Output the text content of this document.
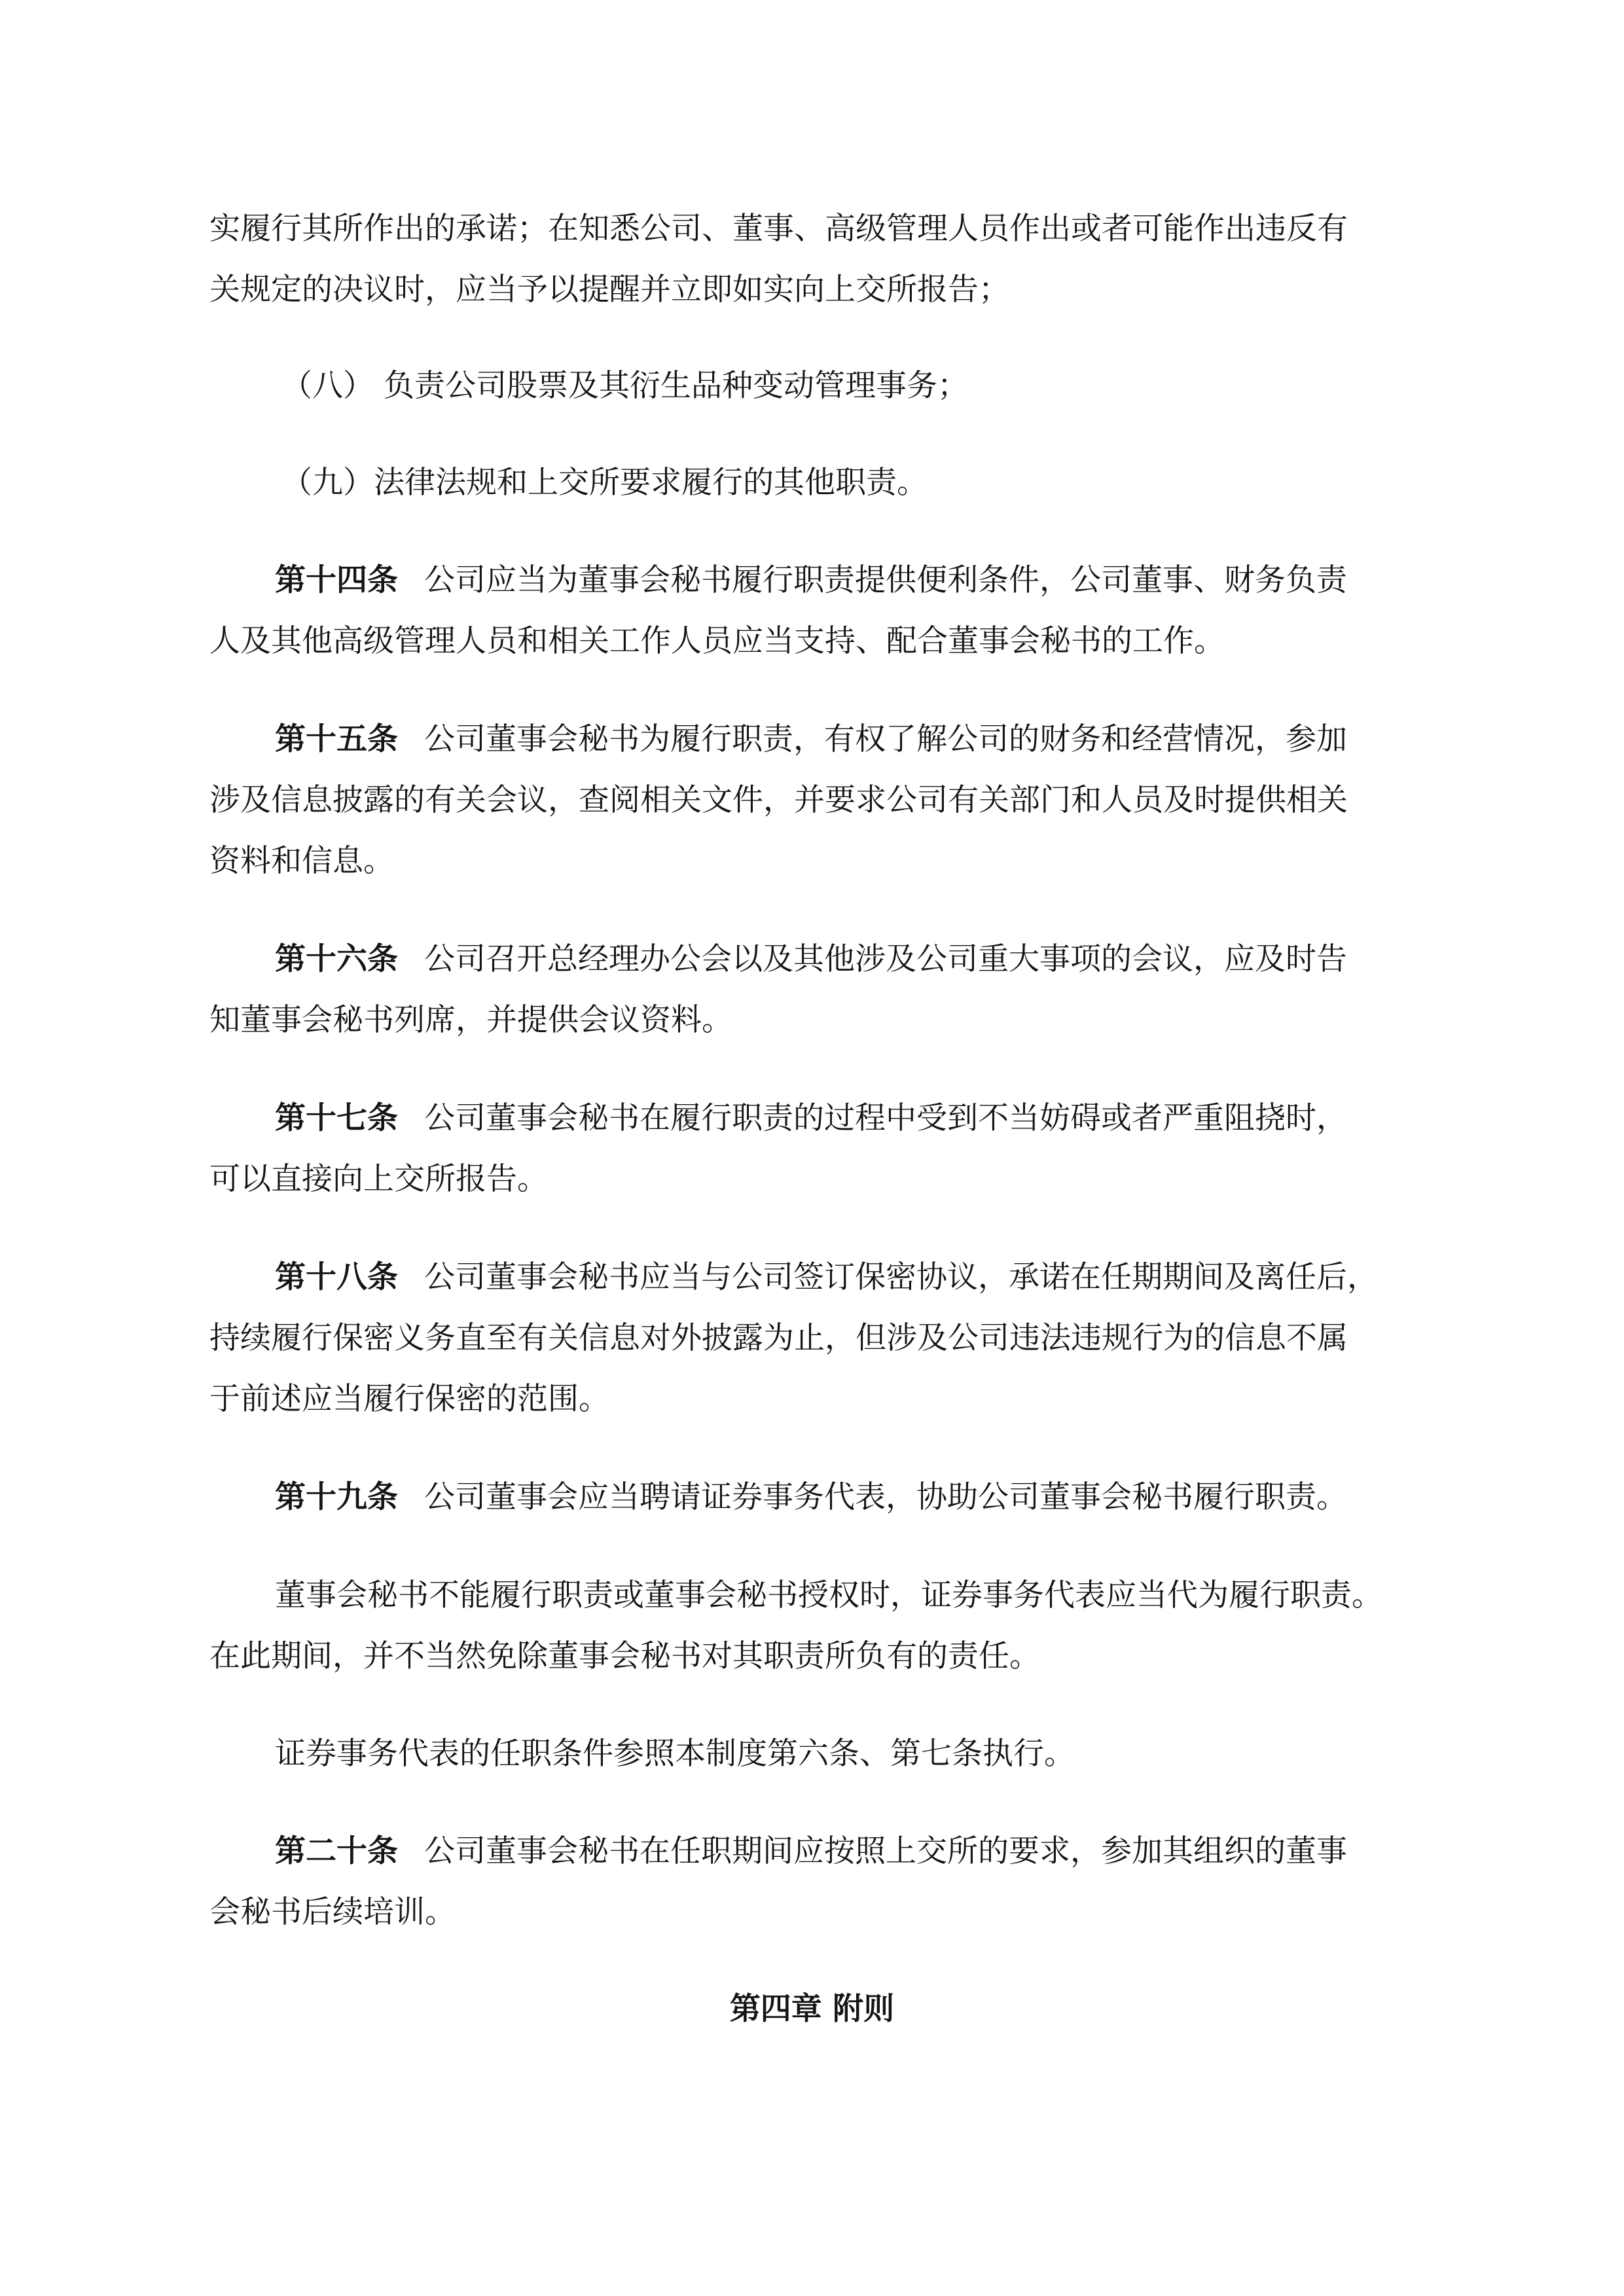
实履行其所作出的承诺；在知悉公司、董事、高级管理人员作出或者可能作出违反有
关规定的决议时，应当予以提醒并立即如实向上交所报告；
（八） 负责公司股票及其衍生品种变动管理事务；
（九）法律法规和上交所要求履行的其他职责。
第十四条 公司应当为董事会秘书履行职责提供便利条件，公司董事、财务负责
人及其他高级管理人员和相关工作人员应当支持、配合董事会秘书的工作。
第十五条 公司董事会秘书为履行职责，有权了解公司的财务和经营情况，参加
涉及信息披露的有关会议，查阅相关文件，并要求公司有关部门和人员及时提供相关
资料和信息。
第十六条 公司召开总经理办公会以及其他涉及公司重大事项的会议，应及时告
知董事会秘书列席，并提供会议资料。
第十七条 公司董事会秘书在履行职责的过程中受到不当妨碍或者严重阻挠时，
可以直接向上交所报告。
第十八条 公司董事会秘书应当与公司签订保密协议，承诺在任期期间及离任后，
持续履行保密义务直至有关信息对外披露为止，但涉及公司违法违规行为的信息不属
于前述应当履行保密的范围。
第十九条 公司董事会应当聘请证券事务代表，协助公司董事会秘书履行职责。
董事会秘书不能履行职责或董事会秘书授权时，证券事务代表应当代为履行职责。
在此期间，并不当然免除董事会秘书对其职责所负有的责任。
证券事务代表的任职条件参照本制度第六条、第七条执行。
第二十条 公司董事会秘书在任职期间应按照上交所的要求，参加其组织的董事
会秘书后续培训。
第四章 附则
